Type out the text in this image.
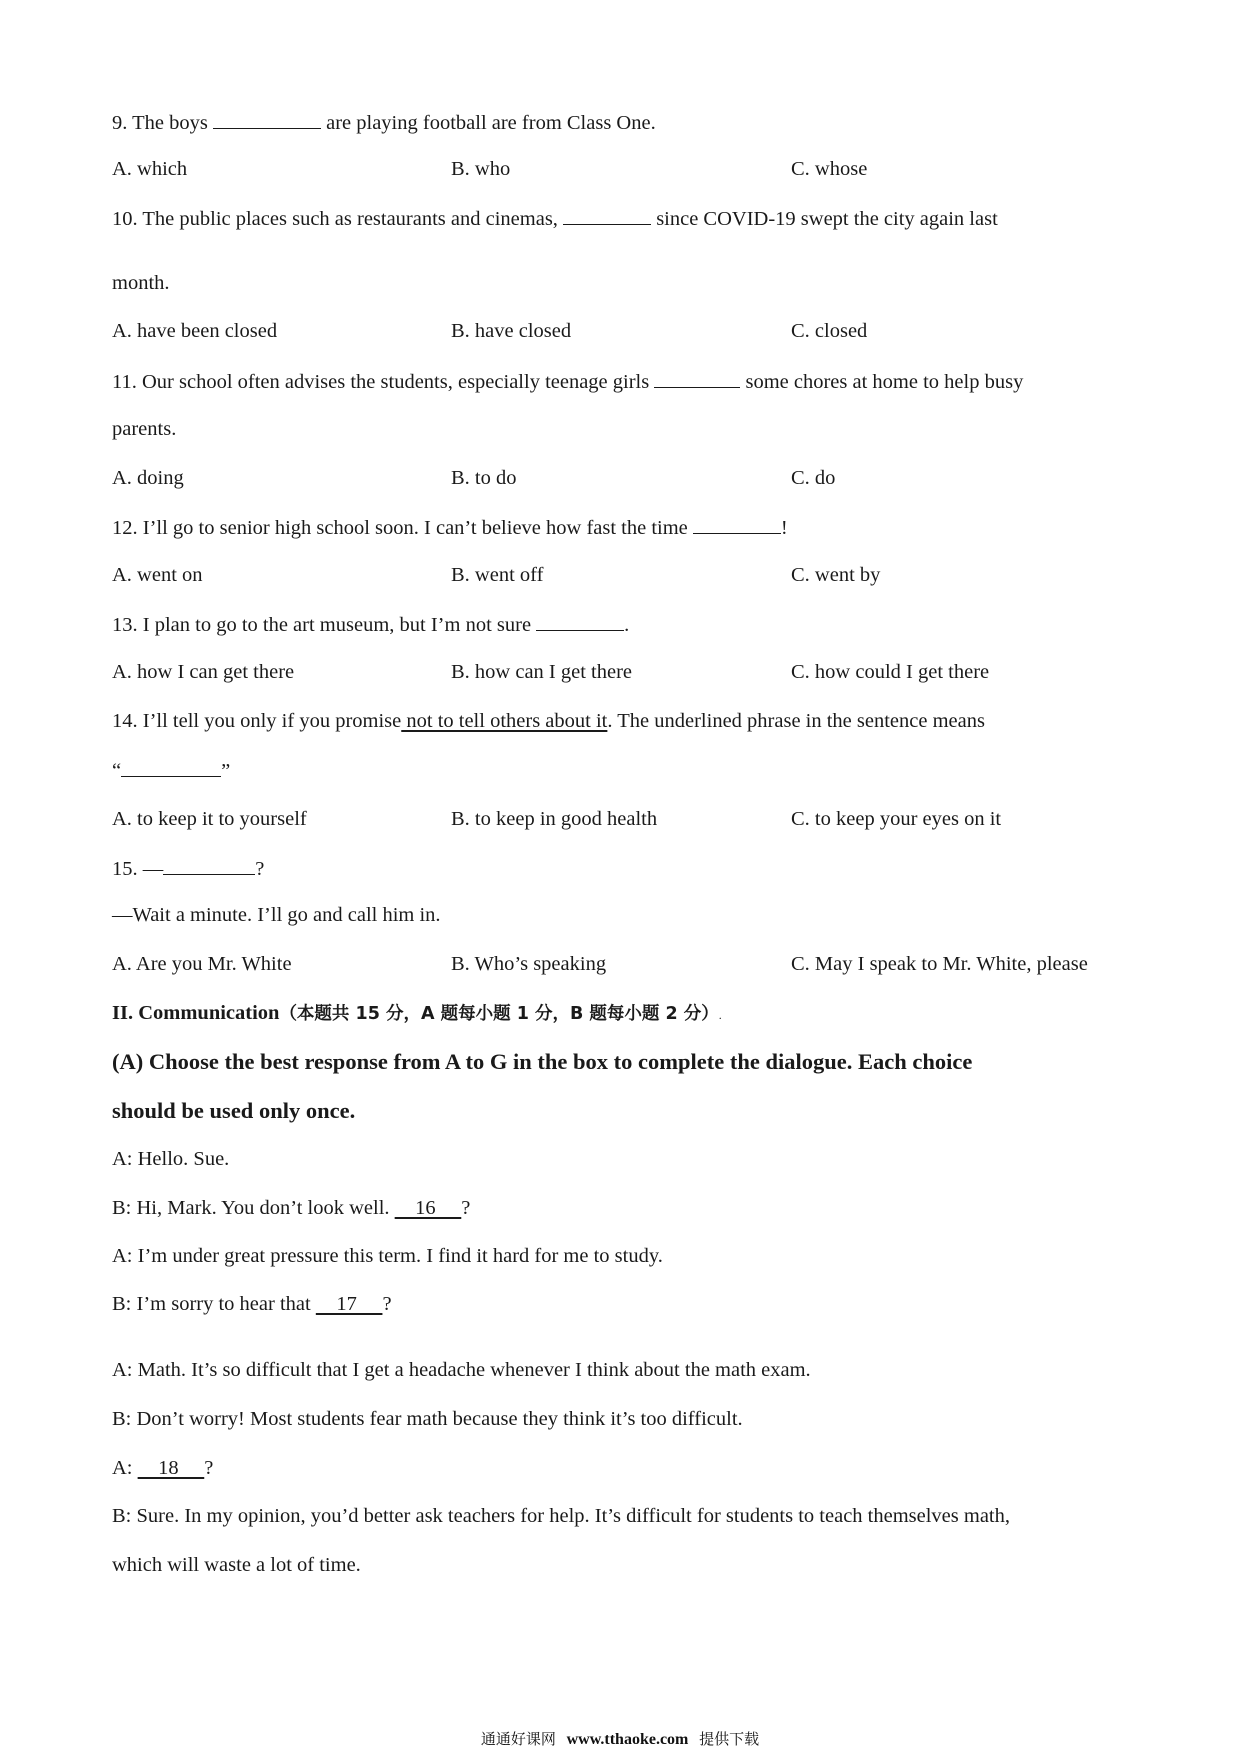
9. The boys	are playing football are from Class One.
A. which	B. who	C. whose
10. The public places such as restaurants and cinemas,	since COVID-19 swept the city again last
month.
A. have been closed	B. have closed	C. closed
11. Our school often advises the students, especially teenage girls	some chores at home to help busy
parents.
A. doing	B. to do	C. do
12. I’ll go to senior high school soon. I can’t believe how fast the time	!
A. went on	B. went off	C. went by
13. I plan to go to the art museum, but I’m not sure	.
A. how I can get there	B. how can I get there	C. how could I get there
14. I’ll tell you only if you promise not to tell others about it. The underlined phrase in the sentence means
“	”
A. to keep it to yourself	B. to keep in good health	C. to keep your eyes on it
15. —	?
—Wait a minute. I’ll go and call him in.
A. Are you Mr. White	B. Who’s speaking	C. May I speak to Mr. White, please
II. Communication（本题共 15 分，A 题每小题 1 分，B 题每小题 2 分）.
(A) Choose the best response from A to G in the box to complete the dialogue. Each choice
should be used only once.
A: Hello. Sue.
B: Hi, Mark. You don’t look well.     16     ?
A: I’m under great pressure this term. I find it hard for me to study.
B: I’m sorry to hear that     17     ?
A: Math. It’s so difficult that I get a headache whenever I think about the math exam.
B: Don’t worry! Most students fear math because they think it’s too difficult.
A:     18     ?
B: Sure. In my opinion, you’d better ask teachers for help. It’s difficult for students to teach themselves math,
which will waste a lot of time.
通通好课网 www.tthaoke.com 提供下载
